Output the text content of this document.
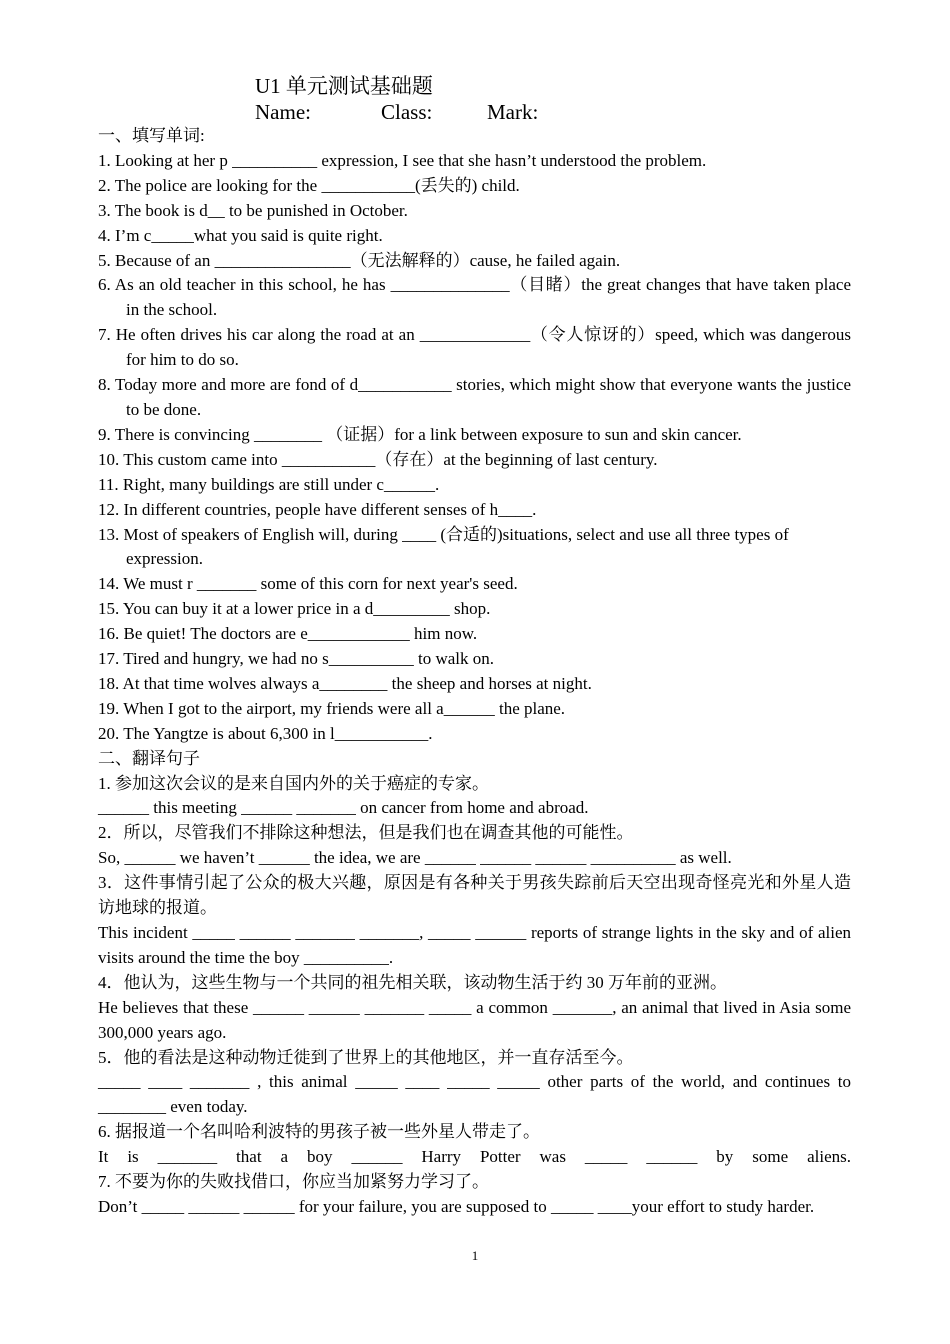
U1 单元测试基础题
Name:	Class:	Mark:
一、填写单词:
1. Looking at her p __________ expression, I see that she hasn’t understood the problem.
2. The police are looking for the ___________(丢失的) child.
3. The book is d__ to be punished in October.
4. I’m c_____what you said is quite right.
5. Because of an ________________（无法解释的）cause, he failed again.
6. As an old teacher in this school, he has ______________（目睹）the great changes that have taken place in the school.
7. He often drives his car along the road at an _____________（令人惊讶的）speed, which was dangerous for him to do so.
8. Today more and more are fond of d___________ stories, which might show that everyone wants the justice to be done.
9. There is convincing ________ （证据）for a link between exposure to sun and skin cancer.
10. This custom came into ___________（存在）at the beginning of last century.
11. Right, many buildings are still under c______.
12. In different countries, people have different senses of h____.
13. Most of speakers of English will, during ____ (合适的)situations, select and use all three types of expression.
14. We must r _______ some of this corn for next year's seed.
15. You can buy it at a lower price in a d_________ shop.
16. Be quiet! The doctors are e____________ him now.
17. Tired and hungry, we had no s__________ to walk on.
18. At that time wolves always a________ the sheep and horses at night.
19. When I got to the airport, my friends were all a______ the plane.
20. The Yangtze is about 6,300 in l___________.
二、翻译句子
1. 参加这次会议的是来自国内外的关于癌症的专家。
______ this meeting ______ _______ on cancer from home and abroad.
2．所以，尽管我们不排除这种想法，但是我们也在调查其他的可能性。
So, ______ we haven’t ______ the idea, we are ______ ______ ______ __________ as well.
3．这件事情引起了公众的极大兴趣，原因是有各种关于男孩失踪前后天空出现奇怪亮光和外星人造访地球的报道。
This incident _____ ______ _______ _______, _____ ______ reports of strange lights in the sky and of alien visits around the time the boy __________.
4．他认为，这些生物与一个共同的祖先相关联，该动物生活于约 30 万年前的亚洲。
He believes that these ______ ______ _______ _____ a common _______, an animal that lived in Asia some 300,000 years ago.
5．他的看法是这种动物迁徙到了世界上的其他地区，并一直存活至今。
_____ ____ _______ , this animal _____ ____ _____ _____ other parts of the world, and continues to ________ even today.
6. 据报道一个名叫哈利波特的男孩子被一些外星人带走了。
It is _______ that a boy ______ Harry Potter was _____ ______ by some aliens.
7. 不要为你的失败找借口，你应当加紧努力学习了。
Don’t _____ ______ ______ for your failure, you are supposed to _____ ____your effort to study harder.
1
